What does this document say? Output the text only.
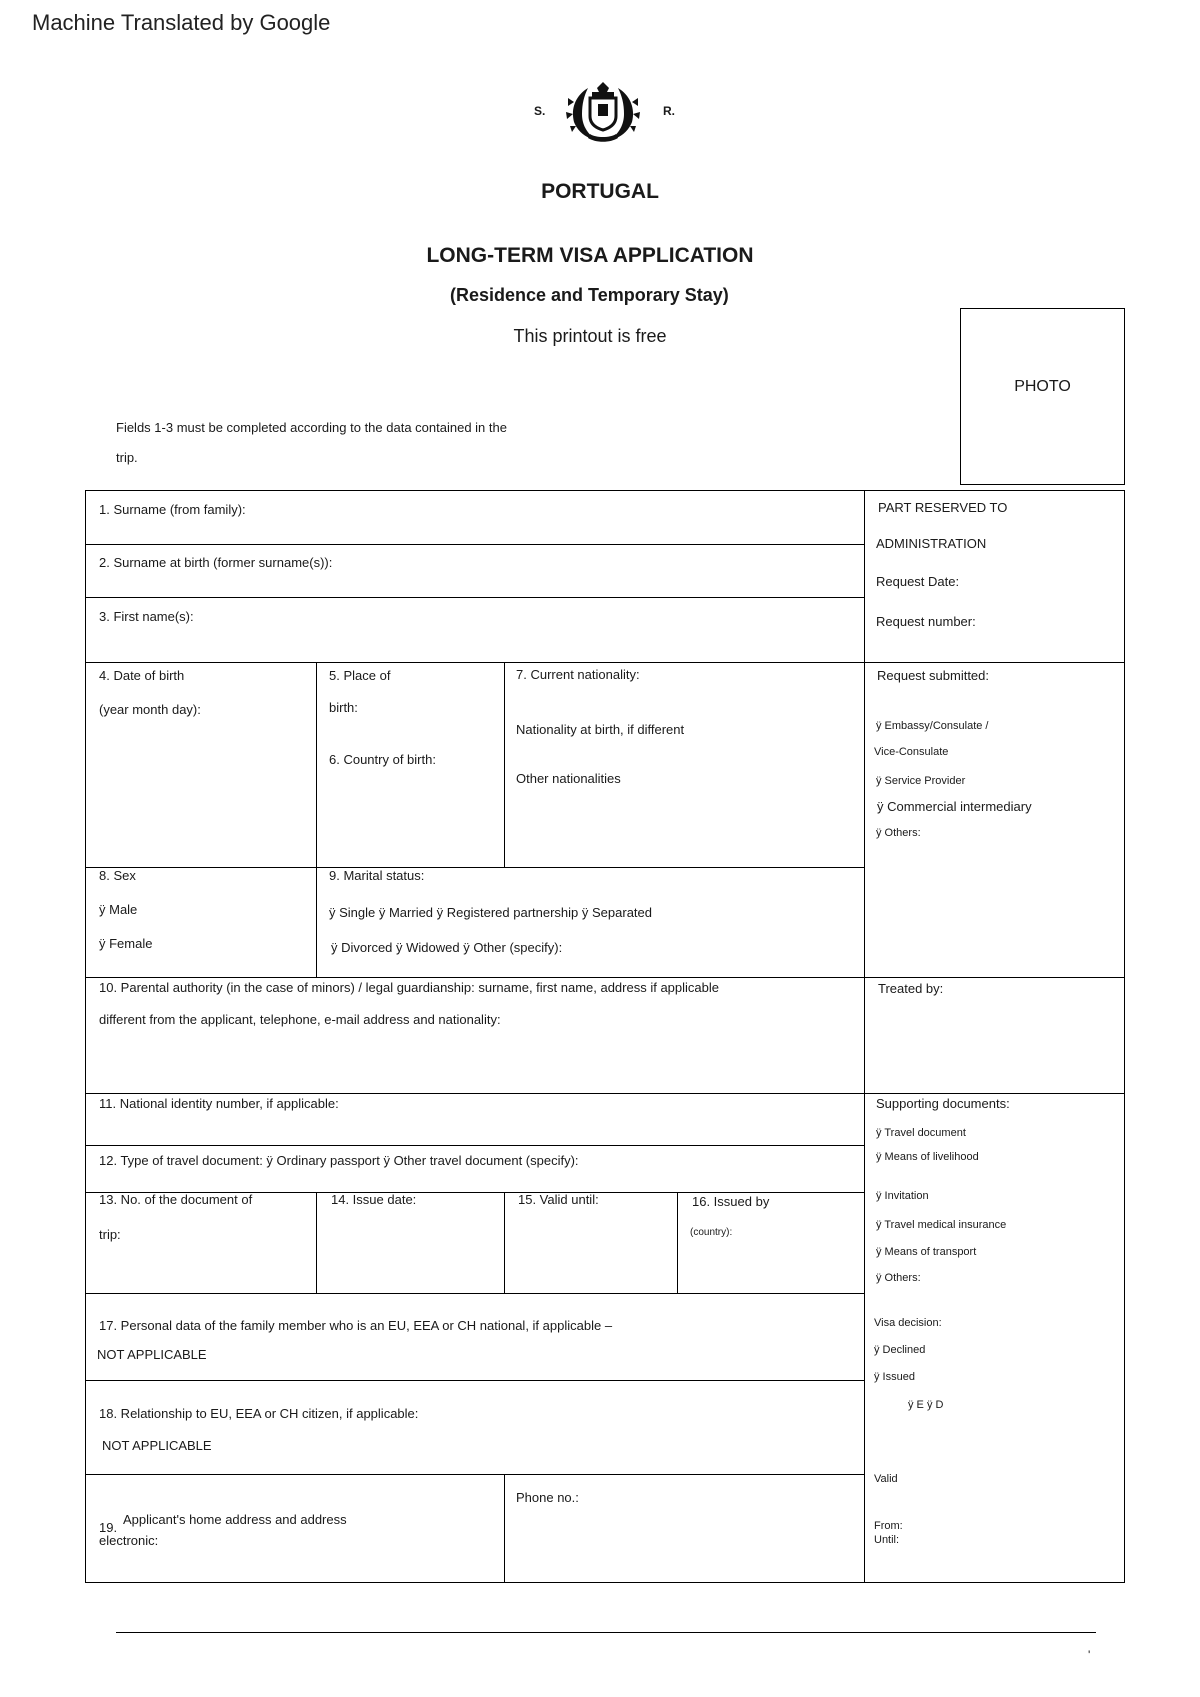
Machine Translated by Google
S.	R.
PORTUGAL
LONG-TERM VISA APPLICATION
(Residence and Temporary Stay)
This printout is free
PHOTO
Fields 1-3 must be completed according to the data contained in the
trip.
1. Surname (from family):
2. Surname at birth (former surname(s)):
3. First name(s):
4. Date of birth
(year month day):
5. Place of
birth:
6. Country of birth:
7. Current nationality:
Nationality at birth, if different
Other nationalities
8. Sex
ÿ Male
ÿ Female
9. Marital status:
ÿ Single ÿ Married ÿ Registered partnership ÿ Separated
ÿ Divorced ÿ Widowed ÿ Other (specify):
10. Parental authority (in the case of minors) / legal guardianship: surname, first name, address if applicable
different from the applicant, telephone, e-mail address and nationality:
11. National identity number, if applicable:
12. Type of travel document: ÿ Ordinary passport ÿ Other travel document (specify):
13. No. of the document of
trip:
14. Issue date:	15. Valid until:	16. Issued by
(country):
17. Personal data of the family member who is an EU, EEA or CH national, if applicable –
NOT APPLICABLE
18. Relationship to EU, EEA or CH citizen, if applicable:
NOT APPLICABLE
19.
Applicant's home address and address
electronic:
Phone no.:
PART RESERVED TO
ADMINISTRATION
Request Date:
Request number:
Request submitted:
ÿ Embassy/Consulate /
Vice-Consulate
ÿ Service Provider
ÿ Commercial intermediary
ÿ Others:
Treated by:
Supporting documents:
ÿ Travel document
ÿ Means of livelihood
ÿ Invitation
ÿ Travel medical insurance
ÿ Means of transport
ÿ Others:
Visa decision:
ÿ Declined
ÿ Issued
ÿ E ÿ D
Valid
From:
Until:
'
